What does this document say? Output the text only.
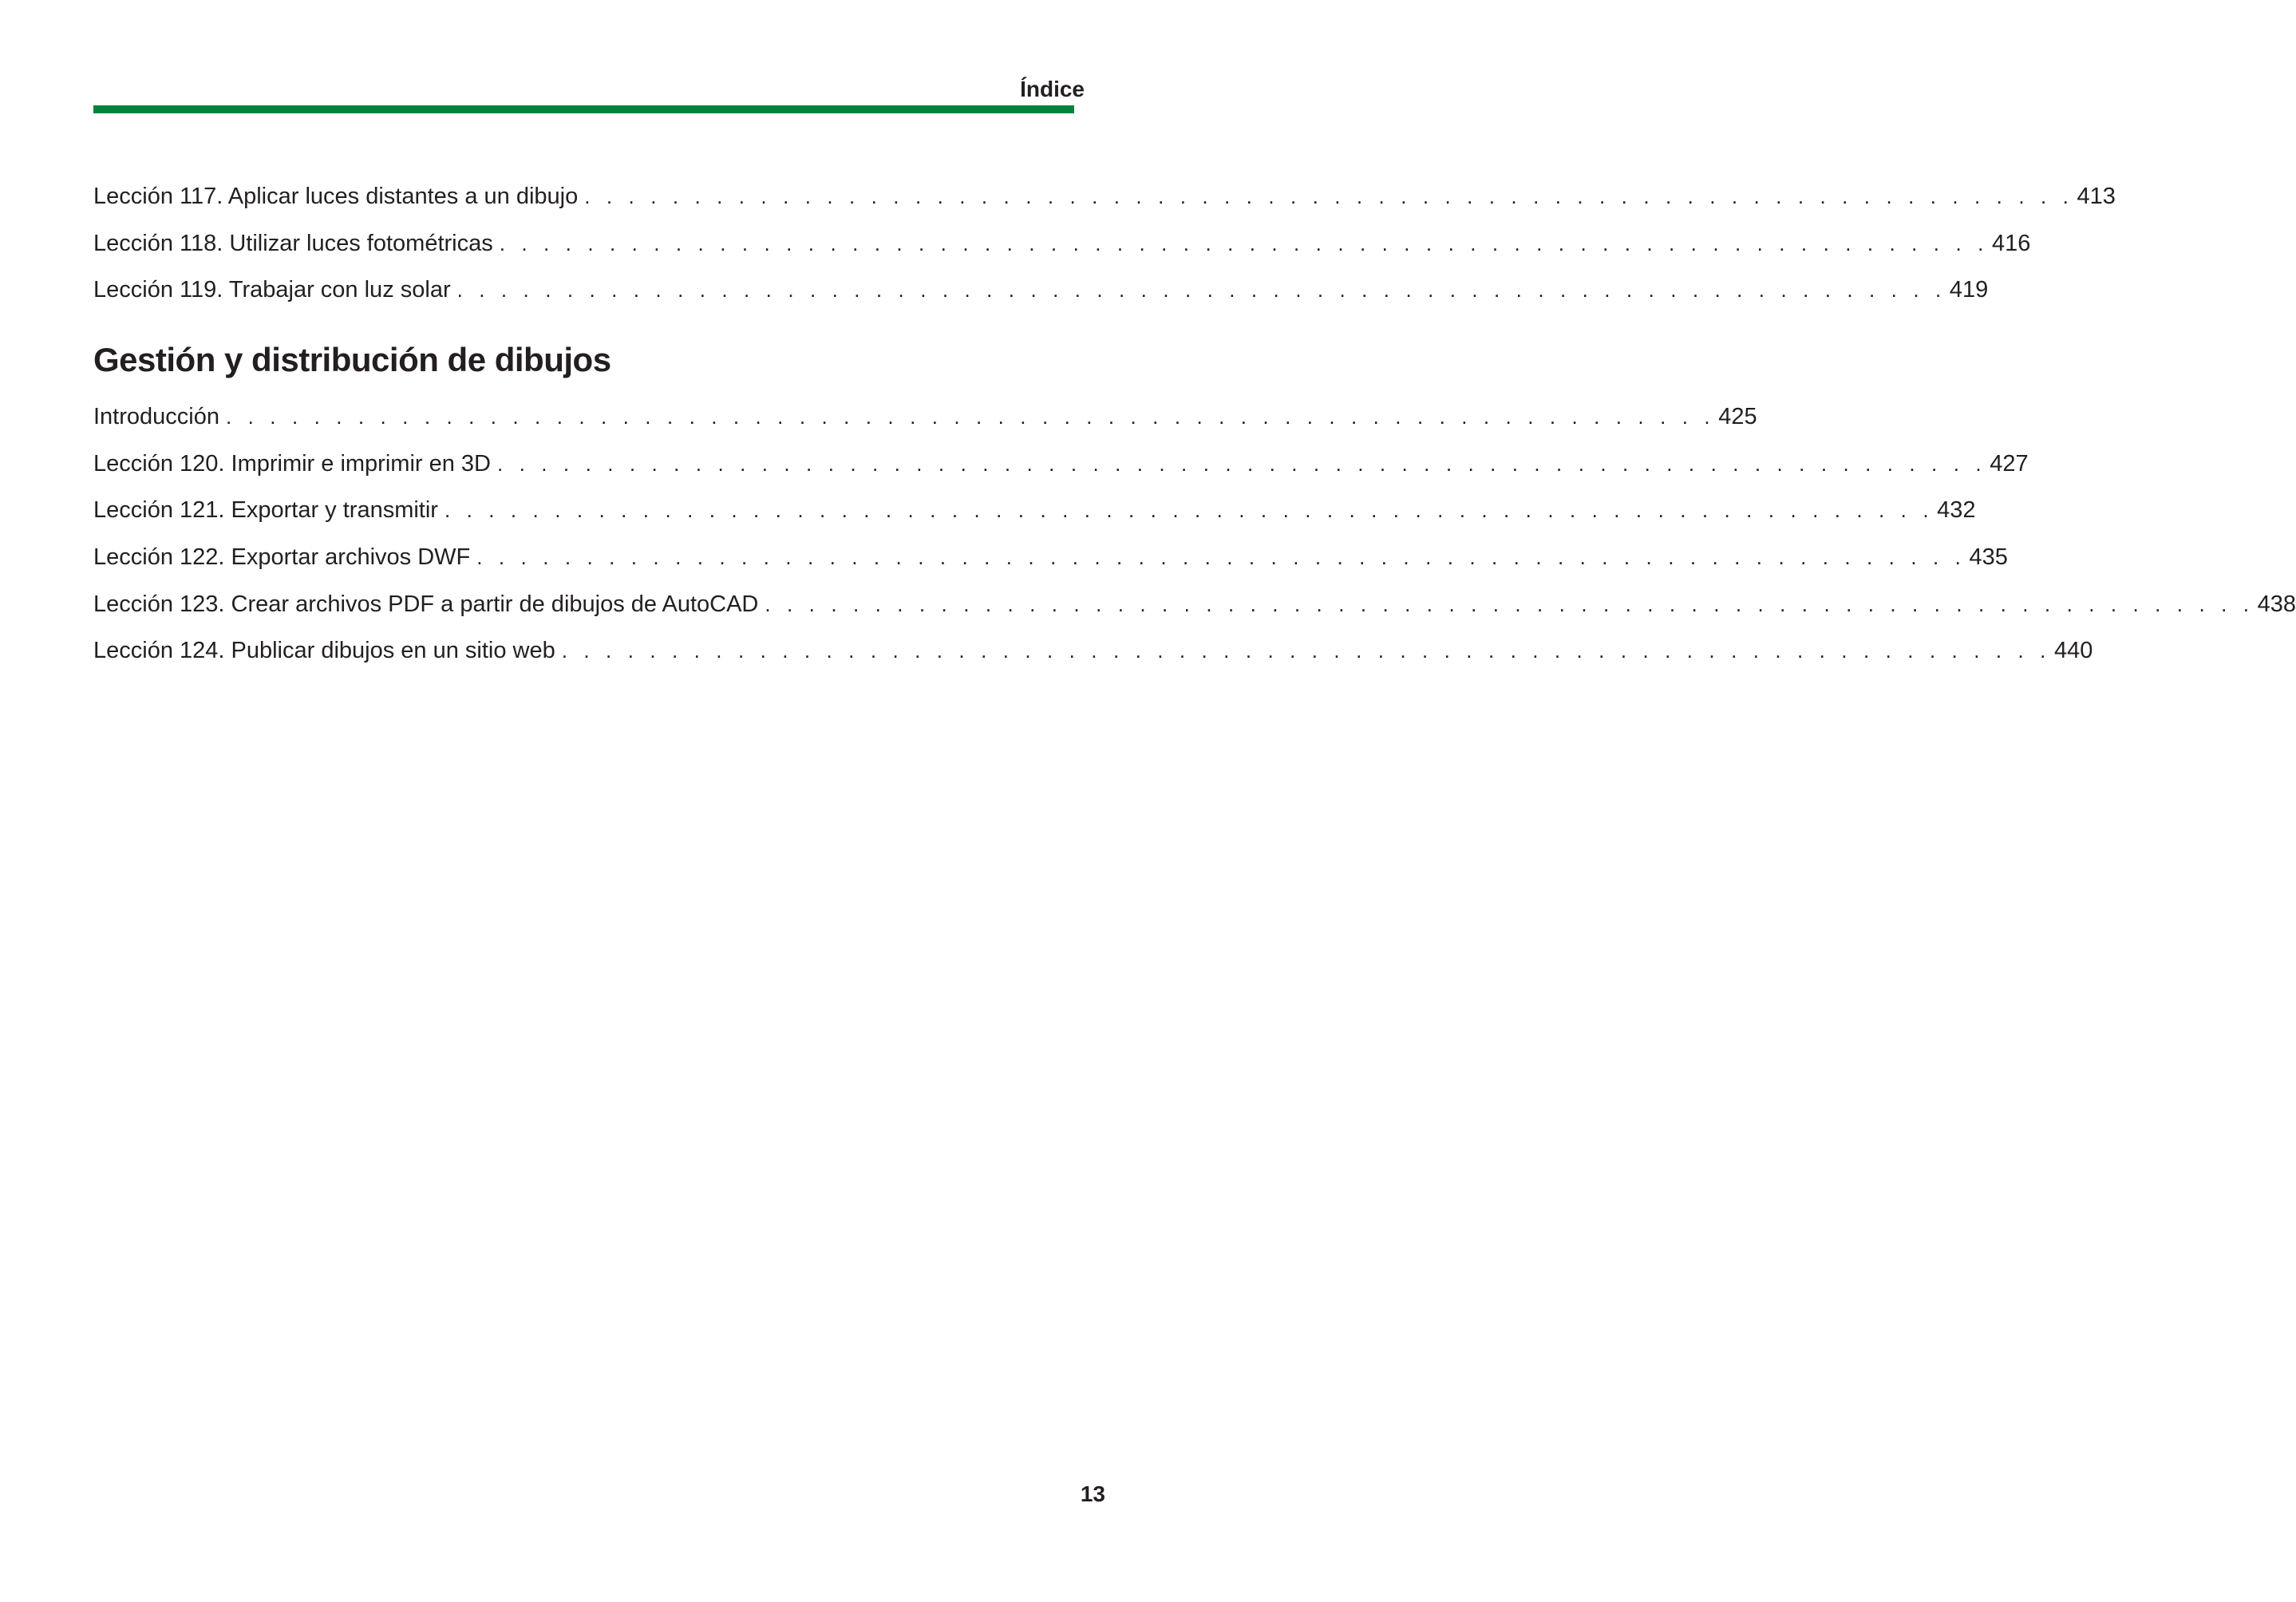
Índice
Lección 117. Aplicar luces distantes a un dibujo . . . . . . . . . . . . . . . . . . . . . . . . . . . . . . . . . . . . . . . . . . . . . . . . . . . . . . . . . . . . . . . . . . . . 413
Lección 118. Utilizar luces fotométricas . . . . . . . . . . . . . . . . . . . . . . . . . . . . . . . . . . . . . . . . . . . . . . . . . . . . . . . . . . . . . . . . . . . . 416
Lección 119. Trabajar con luz solar . . . . . . . . . . . . . . . . . . . . . . . . . . . . . . . . . . . . . . . . . . . . . . . . . . . . . . . . . . . . . . . . . . . . 419
Gestión y distribución de dibujos
Introducción . . . . . . . . . . . . . . . . . . . . . . . . . . . . . . . . . . . . . . . . . . . . . . . . . . . . . . . . . . . . . . . . . . . . 425
Lección 120. Imprimir e imprimir en 3D . . . . . . . . . . . . . . . . . . . . . . . . . . . . . . . . . . . . . . . . . . . . . . . . . . . . . . . . . . . . . . . . . . . . 427
Lección 121. Exportar y transmitir . . . . . . . . . . . . . . . . . . . . . . . . . . . . . . . . . . . . . . . . . . . . . . . . . . . . . . . . . . . . . . . . . . . . 432
Lección 122. Exportar archivos DWF . . . . . . . . . . . . . . . . . . . . . . . . . . . . . . . . . . . . . . . . . . . . . . . . . . . . . . . . . . . . . . . . . . . . 435
Lección 123. Crear archivos PDF a partir de dibujos de AutoCAD . . . . . . . . . . . . . . . . . . . . . . . . . . . . . . . . . . . . . . . . . . . . . . . . . . . . . . . . . . . . . . . . . . . . 438
Lección 124. Publicar dibujos en un sitio web . . . . . . . . . . . . . . . . . . . . . . . . . . . . . . . . . . . . . . . . . . . . . . . . . . . . . . . . . . . . . . . . . . . . 440
13
